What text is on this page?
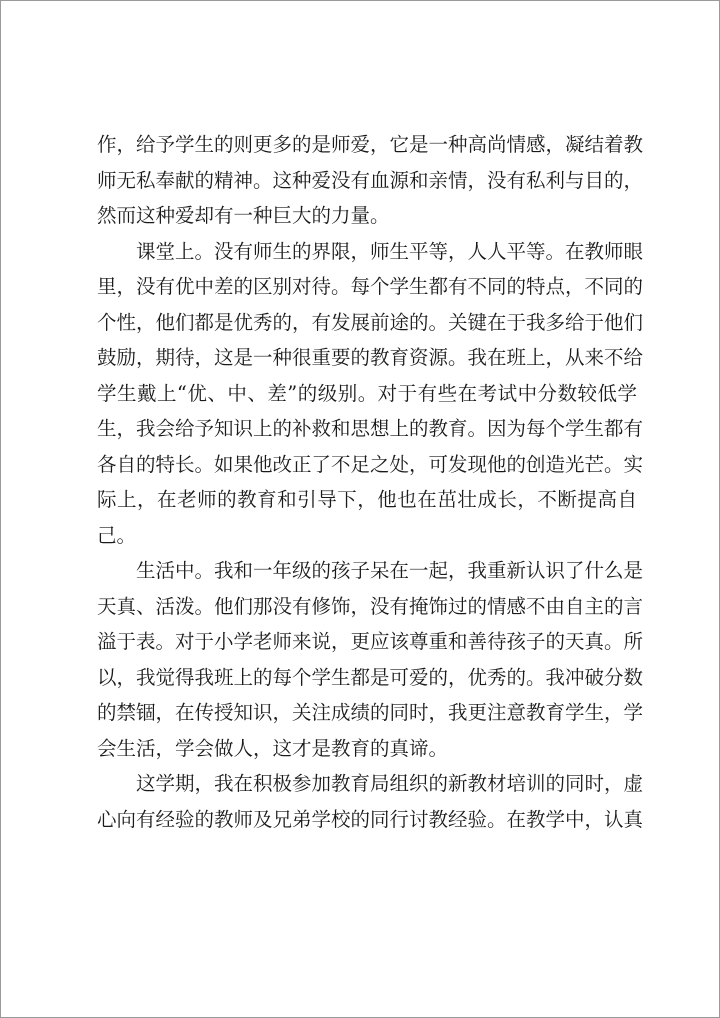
作，给予学生的则更多的是师爱，它是一种高尚情感，凝结着教
师无私奉献的精神。这种爱没有血源和亲情，没有私利与目的，
然而这种爱却有一种巨大的力量。
课堂上。没有师生的界限，师生平等，人人平等。在教师眼
里，没有优中差的区别对待。每个学生都有不同的特点，不同的
个性，他们都是优秀的，有发展前途的。关键在于我多给于他们
鼓励，期待，这是一种很重要的教育资源。我在班上，从来不给
学生戴上“优、中、差”的级别。对于有些在考试中分数较低学
生，我会给予知识上的补救和思想上的教育。因为每个学生都有
各自的特长。如果他改正了不足之处，可发现他的创造光芒。实
际上，在老师的教育和引导下，他也在茁壮成长，不断提高自
己。
生活中。我和一年级的孩子呆在一起，我重新认识了什么是
天真、活泼。他们那没有修饰，没有掩饰过的情感不由自主的言
溢于表。对于小学老师来说，更应该尊重和善待孩子的天真。所
以，我觉得我班上的每个学生都是可爱的，优秀的。我冲破分数
的禁锢，在传授知识，关注成绩的同时，我更注意教育学生，学
会生活，学会做人，这才是教育的真谛。
这学期，我在积极参加教育局组织的新教材培训的同时，虚
心向有经验的教师及兄弟学校的同行讨教经验。在教学中，认真
